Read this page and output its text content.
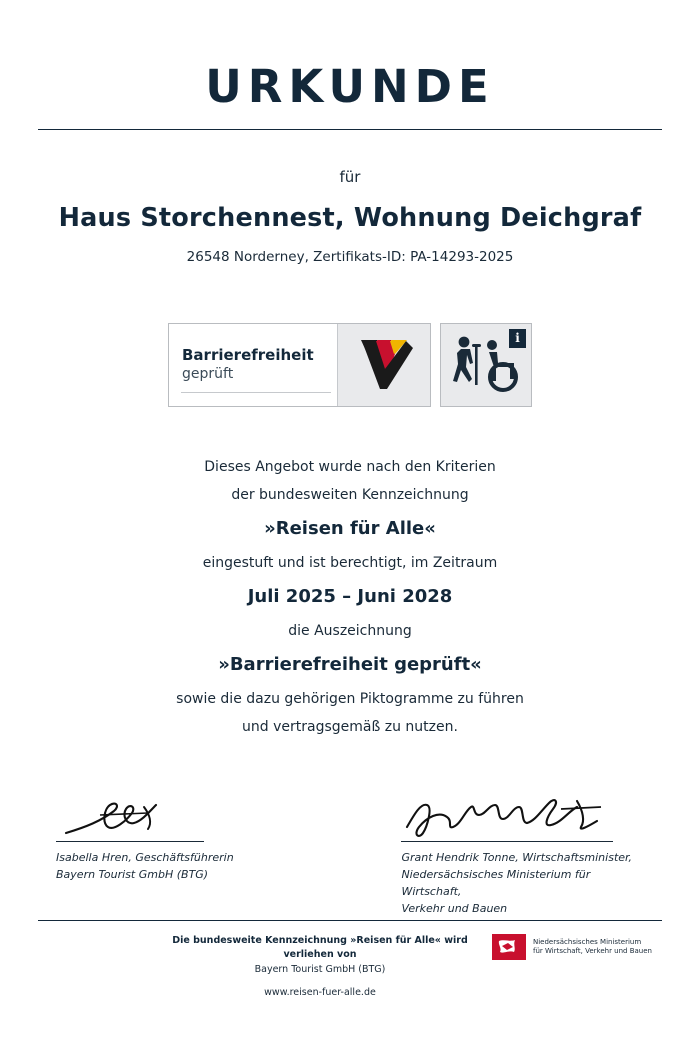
URKUNDE
für
Haus Storchennest, Wohnung Deichgraf
26548 Norderney, Zertifikats-ID: PA-14293-2025
Barrierefreiheit
geprüft
i
Dieses Angebot wurde nach den Kriterien
der bundesweiten Kennzeichnung
»Reisen für Alle«
eingestuft und ist berechtigt, im Zeitraum
Juli 2025 – Juni 2028
die Auszeichnung
»Barrierefreiheit geprüft«
sowie die dazu gehörigen Piktogramme zu führen
und vertragsgemäß zu nutzen.
Isabella Hren, Geschäftsführerin
Bayern Tourist GmbH (BTG)
Grant Hendrik Tonne, Wirtschaftsminister,
Niedersächsisches Ministerium für Wirtschaft,
Verkehr und Bauen
Die bundesweite Kennzeichnung »Reisen für Alle« wird verliehen von
Bayern Tourist GmbH (BTG)
www.reisen-fuer-alle.de
Niedersächsisches Ministerium
für Wirtschaft, Verkehr und Bauen
